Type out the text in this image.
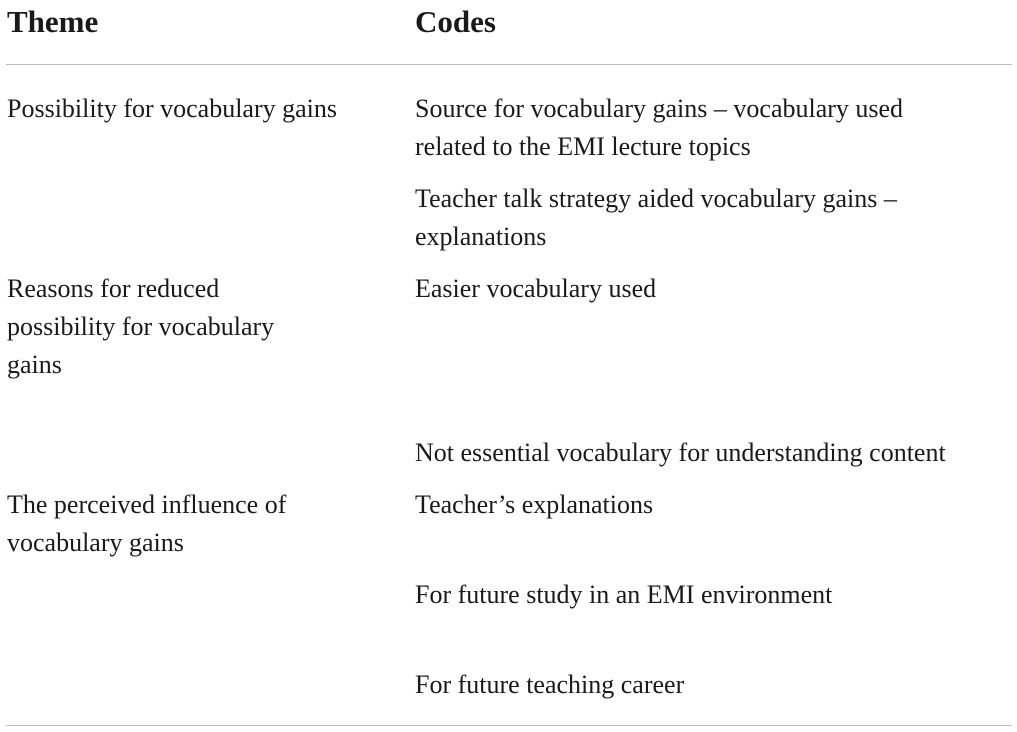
Theme	Codes
Possibility for vocabulary gains	Source for vocabulary gains – vocabulary used related to the EMI lecture topics
Teacher talk strategy aided vocabulary gains – explanations
Reasons for reduced possibility for vocabulary gains
Easier vocabulary used
Not essential vocabulary for understanding content
The perceived influence of vocabulary gains
Teacher’s explanations
For future study in an EMI environment
For future teaching career
